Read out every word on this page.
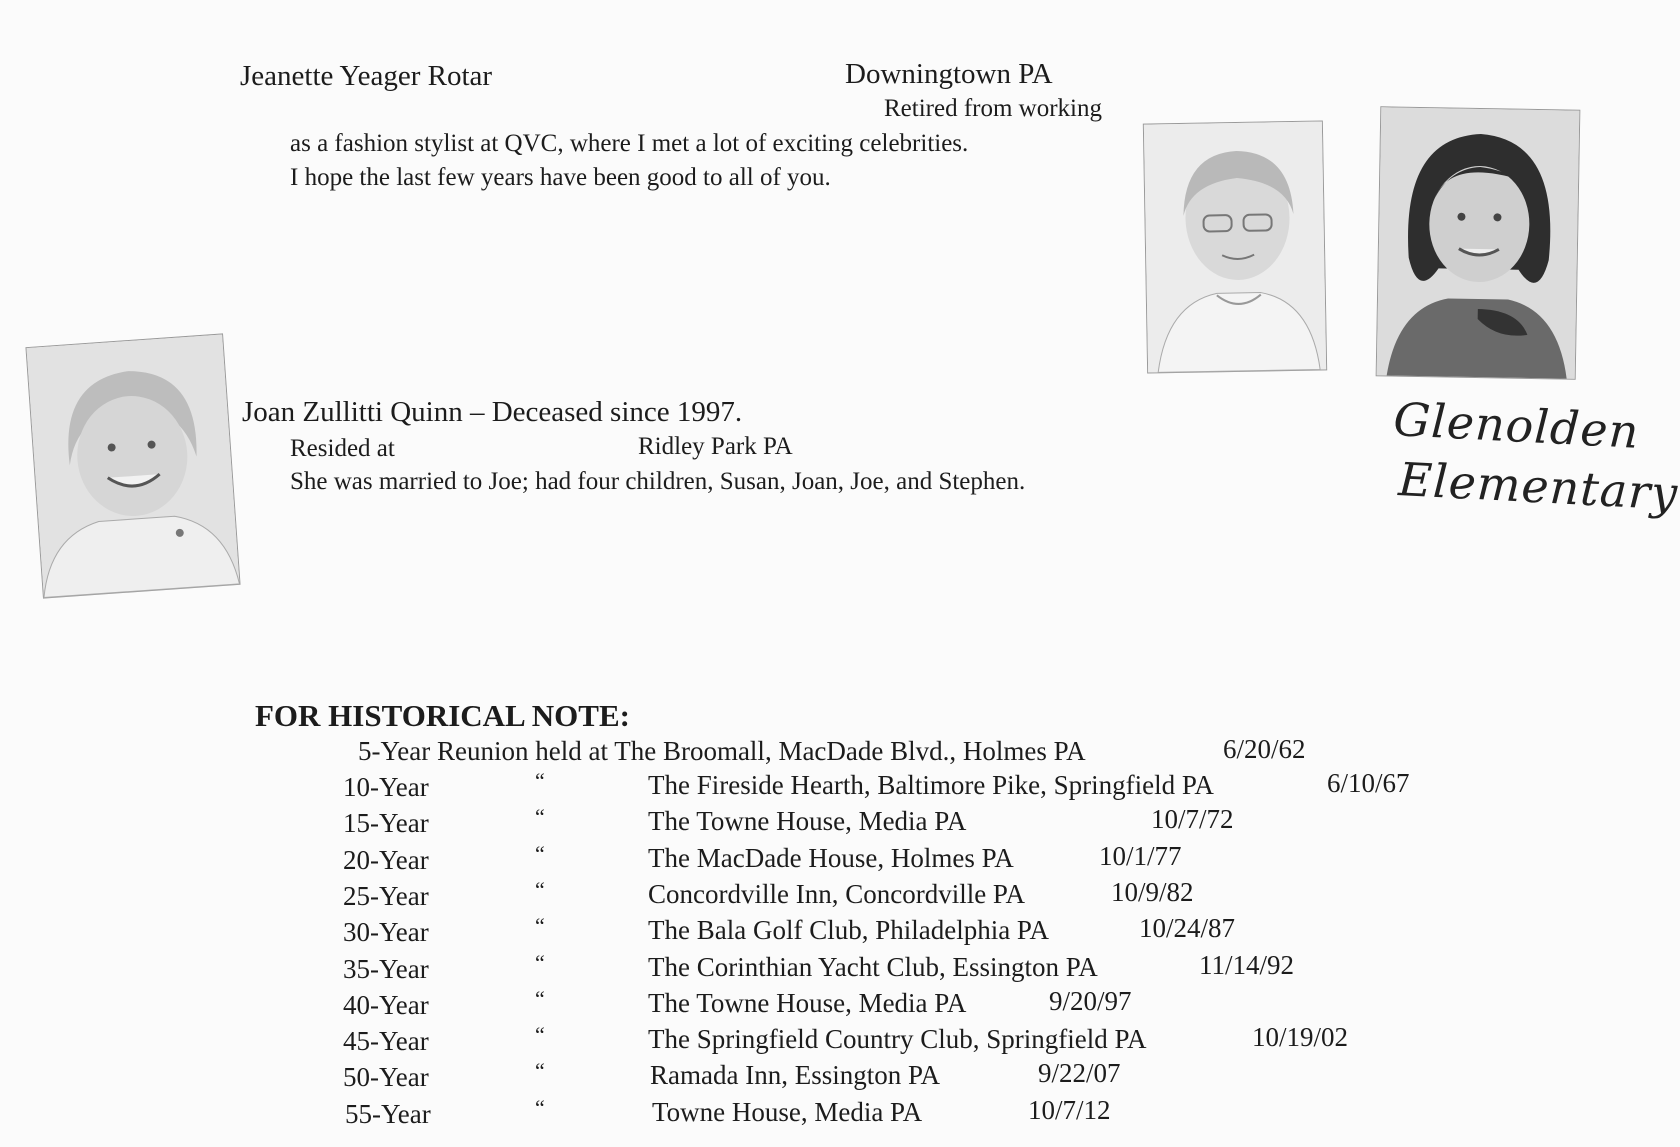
Jeanette Yeager Rotar	Downingtown PA
Retired from working
as a fashion stylist at QVC, where I met a lot of exciting celebrities.
I hope the last few years have been good to all of you.
Glenolden
Elementary
Joan Zullitti Quinn – Deceased since 1997.
Resided at	Ridley Park PA
She was married to Joe; had four children, Susan, Joan, Joe, and Stephen.
FOR HISTORICAL NOTE:
5-Year Reunion held at The Broomall, MacDade Blvd., Holmes PA	6/20/62
10-Year	“	The Fireside Hearth, Baltimore Pike, Springfield PA	6/10/67
15-Year	“	The Towne House, Media PA	10/7/72
20-Year	“	The MacDade House, Holmes PA	10/1/77
25-Year	“	Concordville Inn, Concordville PA	10/9/82
30-Year	“	The Bala Golf Club, Philadelphia PA	10/24/87
35-Year	“	The Corinthian Yacht Club, Essington PA	11/14/92
40-Year	“	The Towne House, Media PA	9/20/97
45-Year	“	The Springfield Country Club, Springfield PA	10/19/02
50-Year	“	Ramada Inn, Essington PA	9/22/07
55-Year	“	Towne House, Media PA	10/7/12
